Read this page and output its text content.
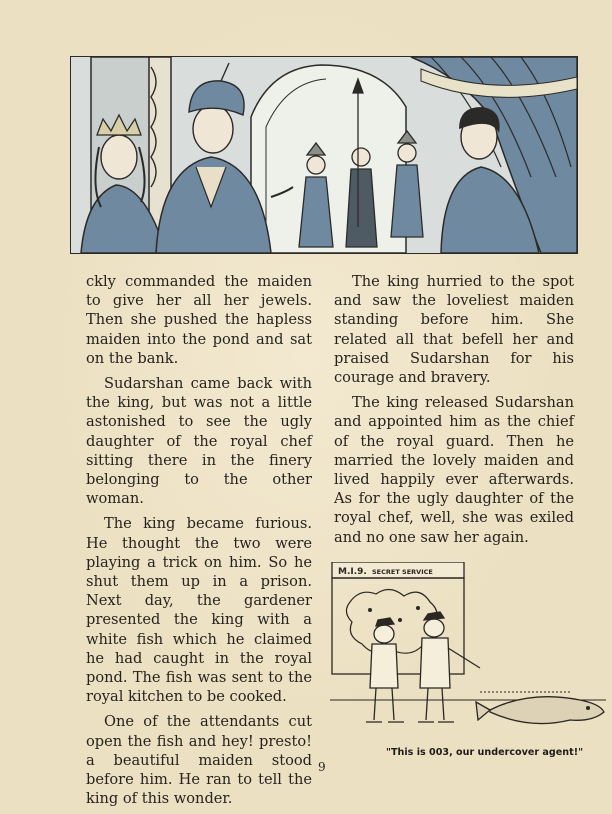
ckly commanded the maiden to give her all her jewels. Then she pushed the hapless maiden into the pond and sat on the bank.

Sudarshan came back with the king, but was not a little astonished to see the ugly daughter of the royal chef sitting there in the finery belonging to the other woman.

The king became furious. He thought the two were playing a trick on him. So he shut them up in a prison. Next day, the gardener presented the king with a white fish which he claimed he had caught in the royal pond. The fish was sent to the royal kitchen to be cooked.

One of the attendants cut open the fish and hey! presto! a beautiful maiden stood before him. He ran to tell the king of this wonder.

The king hurried to the spot and saw the loveliest maiden standing before him. She related all that befell her and praised Sudarshan for his courage and bravery.

The king released Sudarshan and appointed him as the chief of the royal guard. Then he married the lovely maiden and lived happily ever afterwards. As for the ugly daughter of the royal chef, well, she was exiled and no one saw her again.

M.I.9. SECRET SERVICE
"This is 003, our undercover agent!"
9
